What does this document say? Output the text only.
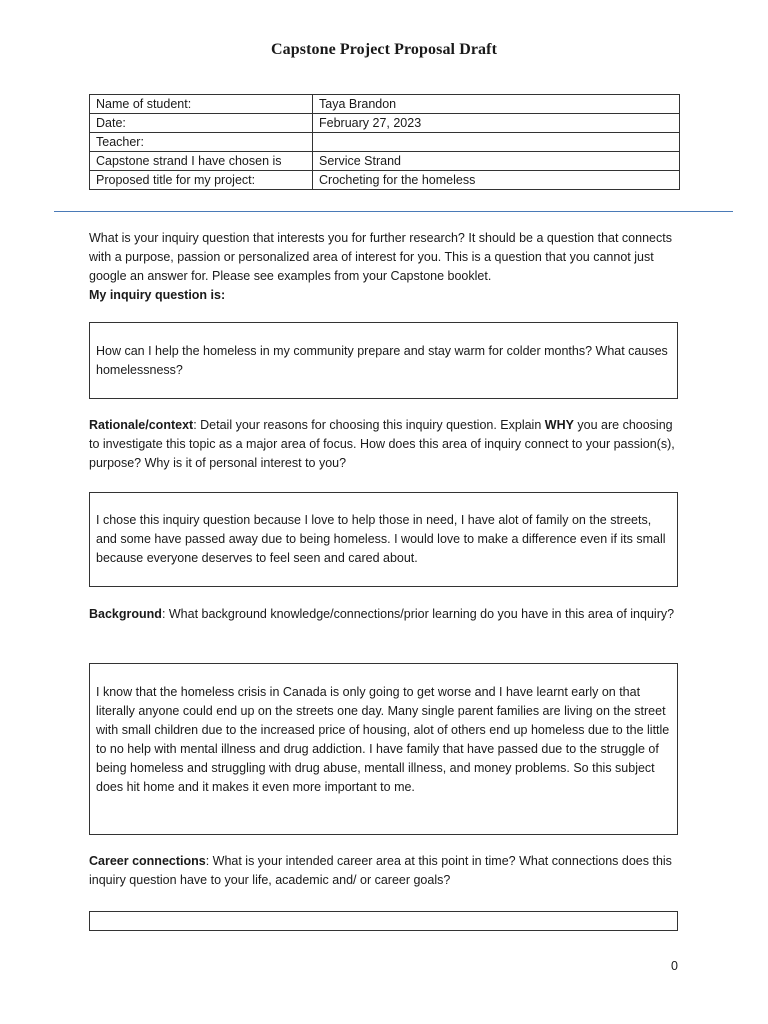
Capstone Project Proposal Draft
Name of student:	Taya Brandon
Date:	February 27, 2023
Teacher:	
Capstone strand I have chosen is	Service Strand
Proposed title for my project:	Crocheting for the homeless
What is your inquiry question that interests you for further research? It should be a question that connects with a purpose, passion or personalized area of interest for you. This is a question that you cannot just google an answer for. Please see examples from your Capstone booklet.
My inquiry question is:
How can I help the homeless in my community prepare and stay warm for colder months? What causes homelessness?
Rationale/context: Detail your reasons for choosing this inquiry question. Explain WHY you are choosing to investigate this topic as a major area of focus. How does this area of inquiry connect to your passion(s), purpose? Why is it of personal interest to you?
I chose this inquiry question because I love to help those in need, I have alot of family on the streets, and some have passed away due to being homeless. I would love to make a difference even if its small because everyone deserves to feel seen and cared about.
Background: What background knowledge/connections/prior learning do you have in this area of inquiry?
I know that the homeless crisis in Canada is only going to get worse and I have learnt early on that literally anyone could end up on the streets one day. Many single parent families are living on the street with small children due to the increased price of housing, alot of others end up homeless due to the little to no help with mental illness and drug addiction. I have family that have passed due to the struggle of being homeless and struggling with drug abuse, mentall illness, and money problems. So this subject does hit home and it makes it even more important to me.
Career connections: What is your intended career area at this point in time? What connections does this inquiry question have to your life, academic and/ or career goals?
0
